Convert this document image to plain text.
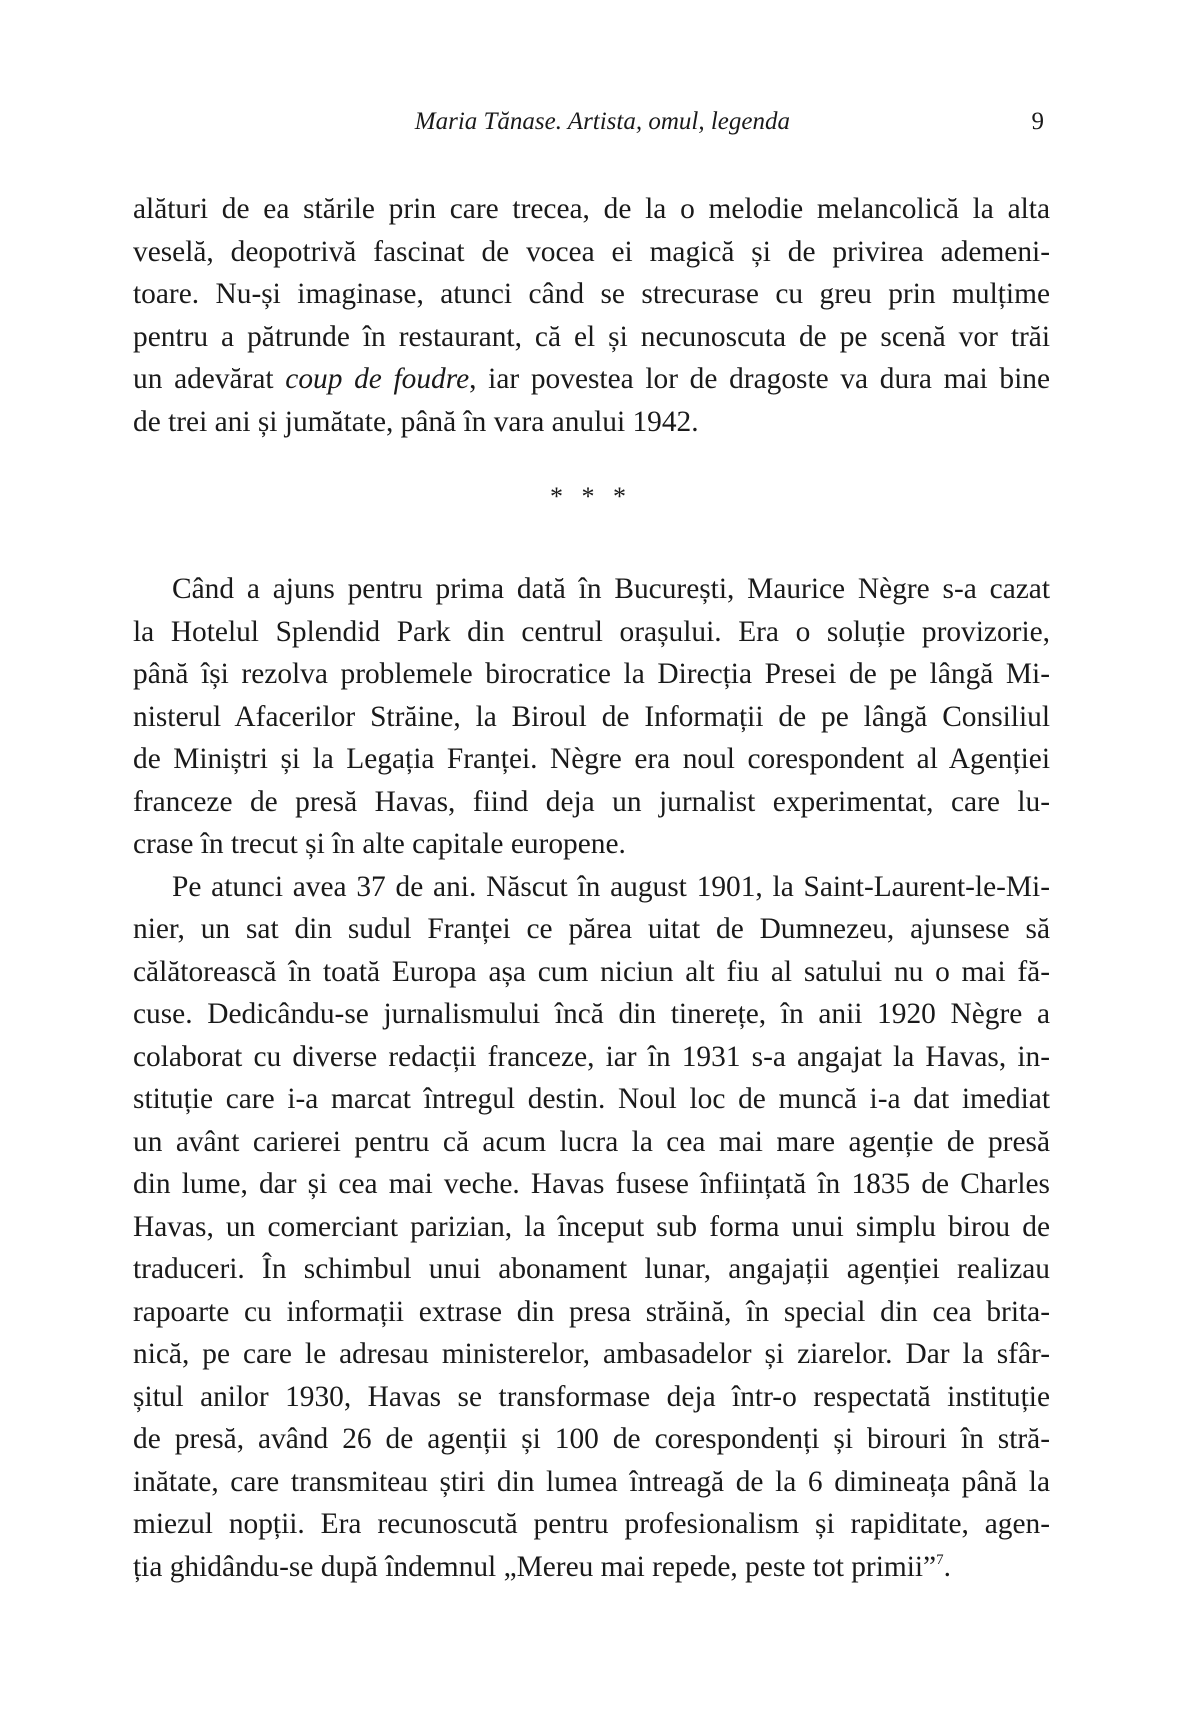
Maria Tănase. Artista, omul, legenda	9
alături de ea stările prin care trecea, de la o melodie melancolică la alta
veselă, deopotrivă fascinat de vocea ei magică și de privirea ademeni-
toare. Nu-și imaginase, atunci când se strecurase cu greu prin mulțime
pentru a pătrunde în restaurant, că el și necunoscuta de pe scenă vor trăi
un adevărat coup de foudre, iar povestea lor de dragoste va dura mai bine
de trei ani și jumătate, până în vara anului 1942.
* * *
Când a ajuns pentru prima dată în București, Maurice Nègre s-a cazat
la Hotelul Splendid Park din centrul orașului. Era o soluție provizorie,
până își rezolva problemele birocratice la Direcția Presei de pe lângă Mi-
nisterul Afacerilor Străine, la Biroul de Informații de pe lângă Consiliul
de Miniștri și la Legația Franței. Nègre era noul corespondent al Agenției
franceze de presă Havas, fiind deja un jurnalist experimentat, care lu-
crase în trecut și în alte capitale europene.
Pe atunci avea 37 de ani. Născut în august 1901, la Saint-Laurent-le-Mi-
nier, un sat din sudul Franței ce părea uitat de Dumnezeu, ajunsese să
călătorească în toată Europa așa cum niciun alt fiu al satului nu o mai fă-
cuse. Dedicându-se jurnalismului încă din tinerețe, în anii 1920 Nègre a
colaborat cu diverse redacții franceze, iar în 1931 s-a angajat la Havas, in-
stituție care i-a marcat întregul destin. Noul loc de muncă i-a dat imediat
un avânt carierei pentru că acum lucra la cea mai mare agenție de presă
din lume, dar și cea mai veche. Havas fusese înființată în 1835 de Charles
Havas, un comerciant parizian, la început sub forma unui simplu birou de
traduceri. În schimbul unui abonament lunar, angajații agenției realizau
rapoarte cu informații extrase din presa străină, în special din cea brita-
nică, pe care le adresau ministerelor, ambasadelor și ziarelor. Dar la sfâr-
șitul anilor 1930, Havas se transformase deja într-o respectată instituție
de presă, având 26 de agenții și 100 de corespondenți și birouri în stră-
inătate, care transmiteau știri din lumea întreagă de la 6 dimineața până la
miezul nopții. Era recunoscută pentru profesionalism și rapiditate, agen-
ția ghidându-se după îndemnul „Mereu mai repede, peste tot primii”$^7$.
